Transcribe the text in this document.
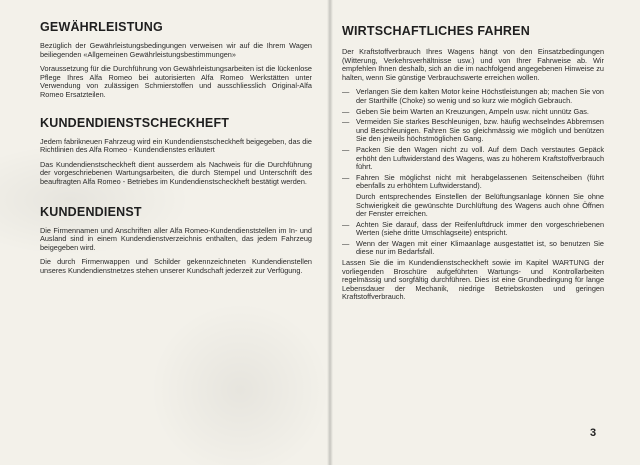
GEWÄHRLEISTUNG

Bezüglich der Gewährleistungsbedingungen verweisen wir auf die Ihrem Wagen beiliegenden «Allgemeinen Gewährleistungsbestimmungen»

Voraussetzung für die Durchführung von Gewährleistungsarbeiten ist die lückenlose Pflege Ihres Alfa Romeo bei autorisierten Alfa Romeo Werkstätten unter Verwendung von zulässigen Schmierstoffen und ausschliesslich Original-Alfa Romeo Ersatzteilen.

KUNDENDIENSTSCHECKHEFT

Jedem fabrikneuen Fahrzeug wird ein Kundendienstscheckheft beigegeben, das die Richtlinien des Alfa Romeo - Kundendienstes erläutert

Das Kundendienstscheckheft dient ausserdem als Nachweis für die Durchführung der vorgeschriebenen Wartungsarbeiten, die durch Stempel und Unterschrift des beauftragten Alfa Romeo - Betriebes im Kundendienstscheckheft bestätigt werden.

KUNDENDIENST

Die Firmennamen und Anschriften aller Alfa Romeo-Kundendienststellen im In- und Ausland sind in einem Kundendienstverzeichnis enthalten, das jedem Fahrzeug beigegeben wird.

Die durch Firmenwappen und Schilder gekennzeichneten Kundendienstellen unseres Kundendienstnetzes stehen unserer Kundschaft jederzeit zur Verfügung.

WIRTSCHAFTLICHES FAHREN

Der Kraftstoffverbrauch Ihres Wagens hängt von den Einsatzbedingungen (Witterung, Verkehrsverhältnisse usw.) und von Ihrer Fahrweise ab. Wir empfehlen Ihnen deshalb, sich an die im nachfolgend angegebenen Hinweise zu halten, wenn Sie günstige Verbrauchswerte erreichen wollen.

— Verlangen Sie dem kalten Motor keine Höchstleistungen ab; machen Sie von der Starthilfe (Choke) so wenig und so kurz wie möglich Gebrauch.
— Geben Sie beim Warten an Kreuzungen, Ampeln usw. nicht unnütz Gas.
— Vermeiden Sie starkes Beschleunigen, bzw. häufig wechselndes Abbremsen und Beschleunigen. Fahren Sie so gleichmässig wie möglich und benützen Sie den jeweils höchstmöglichen Gang.
— Packen Sie den Wagen nicht zu voll. Auf dem Dach verstautes Gepäck erhöht den Luftwiderstand des Wagens, was zu höherem Kraftstoffverbrauch führt.
— Fahren Sie möglichst nicht mit herabgelassenen Seitenscheiben (führt ebenfalls zu erhöhtem Luftwiderstand).

Durch entsprechendes Einstellen der Belüftungsanlage können Sie ohne Schwierigkeit die gewünschte Durchlüftung des Wagens auch ohne Öffnen der Fenster erreichen.

— Achten Sie darauf, dass der Reifenluftdruck immer den vorgeschriebenen Werten (siehe dritte Umschlagseite) entspricht.
— Wenn der Wagen mit einer Klimaanlage ausgestattet ist, so benutzen Sie diese nur im Bedarfsfall.

Lassen Sie die im Kundendienstscheckheft sowie im Kapitel WARTUNG der vorliegenden Broschüre aufgeführten Wartungs- und Kontrollarbeiten regelmässig und sorgfältig durchführen. Dies ist eine Grundbedingung für lange Lebensdauer der Mechanik, niedrige Betriebskosten und geringen Kraftstoffverbrauch.

3
